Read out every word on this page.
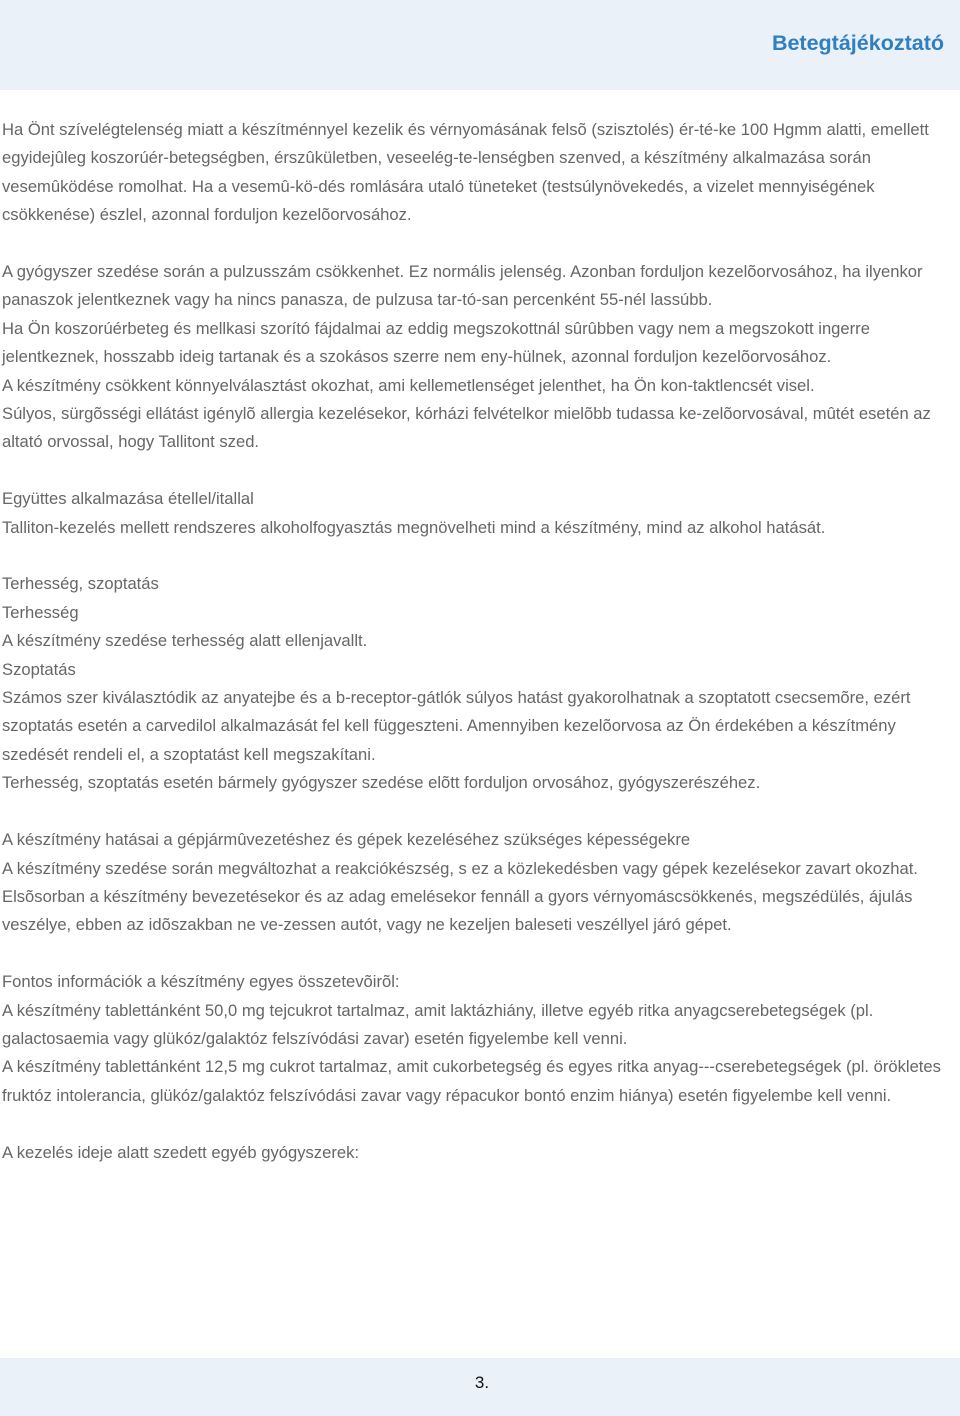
Betegtájékoztató

Ha Önt szívelégtelenség miatt a készítménnyel kezelik és vérnyomásának felsõ (szisztolés) ér-té-ke 100 Hgmm alatti, emellett egyidejûleg koszorúér-betegségben, érszûkületben, veseelég-te-lenségben szenved, a készítmény alkalmazása során vesemûködése romolhat. Ha a vesemû-kö-dés romlására utaló tüneteket (testsúlynövekedés, a vizelet mennyiségének csökkenése) észlel, azonnal forduljon kezelõorvosához.

A gyógyszer szedése során a pulzusszám csökkenhet. Ez normális jelenség. Azonban forduljon kezelõorvosához, ha ilyenkor panaszok jelentkeznek vagy ha nincs panasza, de pulzusa tar-tó-san percenként 55-nél lassúbb.

Ha Ön koszorúérbeteg és mellkasi szorító fájdalmai az eddig megszokottnál sûrûbben vagy nem a megszokott ingerre jelentkeznek, hosszabb ideig tartanak és a szokásos szerre nem eny-hülnek, azonnal forduljon kezelõorvosához.

A készítmény csökkent könnyelválasztást okozhat, ami kellemetlenséget jelenthet, ha Ön kon-taktlencsét visel.

Súlyos, sürgõsségi ellátást igénylõ allergia kezelésekor, kórházi felvételkor mielõbb tudassa ke-zelõorvosával, mûtét esetén az altató orvossal, hogy Tallitont szed.

Együttes alkalmazása étellel/itallal

Talliton-kezelés mellett rendszeres alkoholfogyasztás megnövelheti mind a készítmény, mind az alkohol hatását.

Terhesség, szoptatás

Terhesség

A készítmény szedése terhesség alatt ellenjavallt.

Szoptatás

Számos szer kiválasztódik az anyatejbe és a b-receptor-gátlók súlyos hatást gyakorolhatnak a szoptatott csecsemõre, ezért szoptatás esetén a carvedilol alkalmazását fel kell függeszteni. Amennyiben kezelõorvosa az Ön érdekében a készítmény szedését rendeli el, a szoptatást kell megszakítani.

Terhesség, szoptatás esetén bármely gyógyszer szedése elõtt forduljon orvosához, gyógyszerészéhez.

A készítmény hatásai a gépjármûvezetéshez és gépek kezeléséhez szükséges képességekre

A készítmény szedése során megváltozhat a reakciókészség, s ez a közlekedésben vagy gépek kezelésekor zavart okozhat. Elsõsorban a készítmény bevezetésekor és az adag emelésekor fennáll a gyors vérnyomáscsökkenés, megszédülés, ájulás veszélye, ebben az idõszakban ne ve-zessen autót, vagy ne kezeljen baleseti veszéllyel járó gépet.

Fontos információk a készítmény egyes összetevõirõl:

A készítmény tablettánként 50,0 mg tejcukrot tartalmaz, amit laktázhiány, illetve egyéb ritka anyagcserebetegségek (pl. galactosaemia vagy glükóz/galaktóz felszívódási zavar) esetén figyelembe kell venni.

A készítmény tablettánként 12,5 mg cukrot tartalmaz, amit cukorbetegség és egyes ritka anyag---cserebetegségek (pl. örökletes fruktóz intolerancia, glükóz/galaktóz felszívódási zavar vagy répacukor bontó enzim hiánya) esetén figyelembe kell venni.

A kezelés ideje alatt szedett egyéb gyógyszerek:

3.
